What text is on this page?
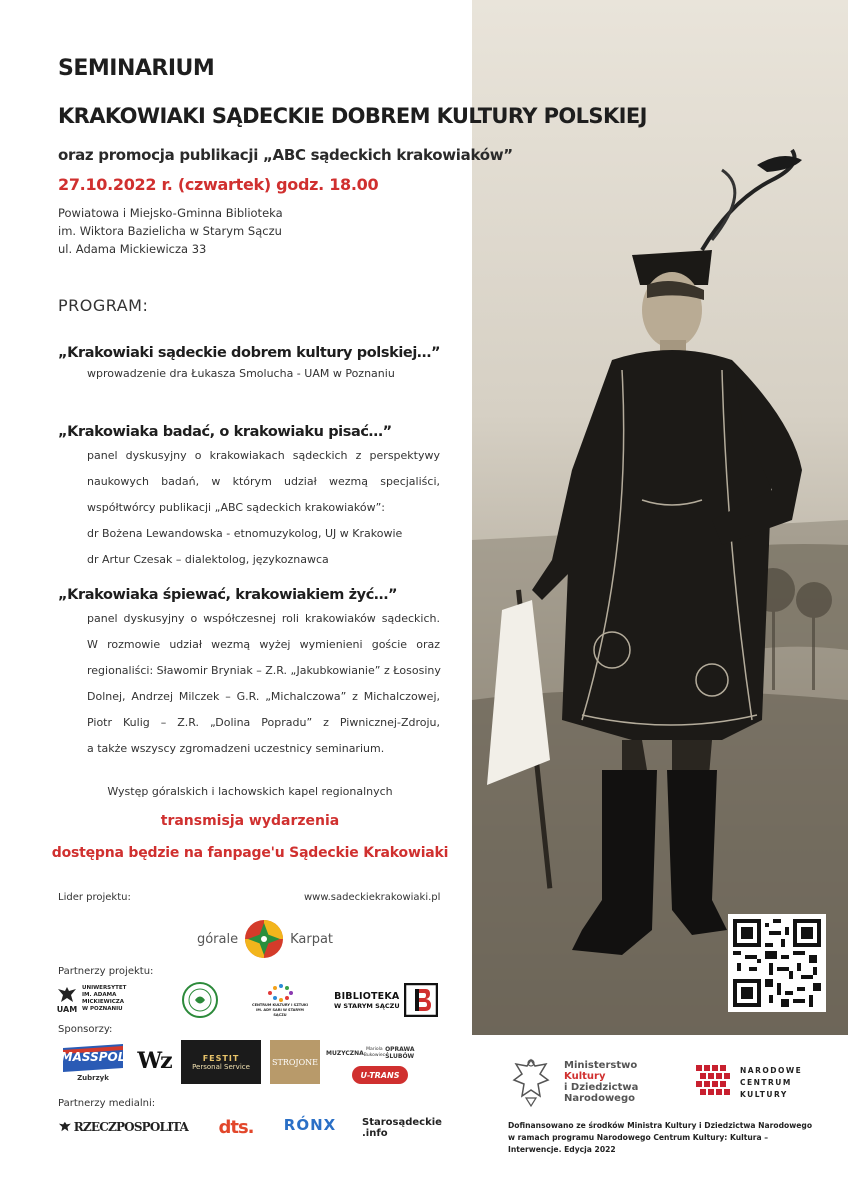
SEMINARIUM
KRAKOWIAKI SĄDECKIE DOBREM KULTURY POLSKIEJ
oraz promocja publikacji „ABC sądeckich krakowiaków”
27.10.2022 r. (czwartek) godz. 18.00
Powiatowa i Miejsko-Gminna Biblioteka
im. Wiktora Bazielicha w Starym Sączu
ul. Adama Mickiewicza 33
PROGRAM:
„Krakowiaki sądeckie dobrem kultury polskiej…”
wprowadzenie dra Łukasza Smolucha - UAM w Poznaniu
„Krakowiaka badać, o krakowiaku pisać…”
panel dyskusyjny o krakowiakach sądeckich z perspektywy
naukowych badań, w którym udział wezmą specjaliści,
współtwórcy publikacji „ABC sądeckich krakowiaków”:
dr Bożena Lewandowska - etnomuzykolog, UJ w Krakowie
dr Artur Czesak – dialektolog, językoznawca
„Krakowiaka śpiewać, krakowiakiem żyć…”
panel dyskusyjny o współczesnej roli krakowiaków sądeckich.
W rozmowie udział wezmą wyżej wymienieni goście oraz
regionaliści: Sławomir Bryniak – Z.R. „Jakubkowianie” z Łososiny
Dolnej, Andrzej Milczek – G.R. „Michalczowa” z Michalczowej,
Piotr Kulig – Z.R. „Dolina Popradu” z Piwnicznej-Zdroju,
a także wszyscy zgromadzeni uczestnicy seminarium.
Występ góralskich i lachowskich kapel regionalnych
transmisja wydarzenia
dostępna będzie na fanpage'u Sądeckie Krakowiaki
Lider projektu:	www.sadeckiekrakowiaki.pl
górale	Karpat
Partnerzy projektu:
UAM
UNIWERSYTET
IM. ADAMA MICKIEWICZA
W POZNANIU
CENTRUM KULTURY I SZTUKI
IM. ADY SARI W STARYM SĄCZU
BIBLIOTEKA
W STARYM SĄCZU
Sponsorzy:
MASSPOL
Zubrzyk
Wz	FESTIT
Personal Service	STROJONE
MUZYCZNA Mariola
Bukowiec
OPRAWA ŚLUBÓW
U-TRANS
Partnerzy medialni:
RZECZPOSPOLITA dts. RÓNX	Starosądeckie
.info
Ministerstwo
Kultury
i Dziedzictwa
Narodowego
NARODOWE
CENTRUM
KULTURY
Dofinansowano ze środków Ministra Kultury i Dziedzictwa Narodowego w ramach programu Narodowego Centrum Kultury: Kultura – Interwencje. Edycja 2022
